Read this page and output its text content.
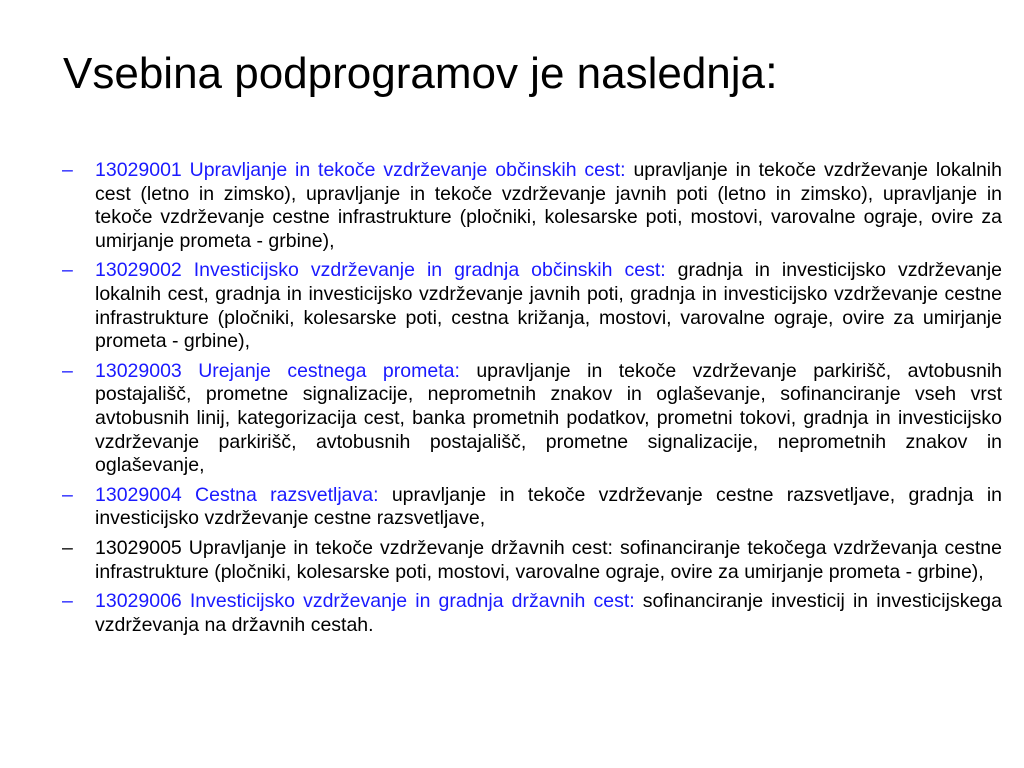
Vsebina podprogramov je naslednja:
– 13029001 Upravljanje in tekoče vzdrževanje občinskih cest: upravljanje in tekoče vzdrževanje lokalnih cest (letno in zimsko), upravljanje in tekoče vzdrževanje javnih poti (letno in zimsko), upravljanje in tekoče vzdrževanje cestne infrastrukture (pločniki, kolesarske poti, mostovi, varovalne ograje, ovire za umirjanje prometa - grbine),
– 13029002 Investicijsko vzdrževanje in gradnja občinskih cest: gradnja in investicijsko vzdrževanje lokalnih cest, gradnja in investicijsko vzdrževanje javnih poti, gradnja in investicijsko vzdrževanje cestne infrastrukture (pločniki, kolesarske poti, cestna križanja, mostovi, varovalne ograje, ovire za umirjanje prometa - grbine),
– 13029003 Urejanje cestnega prometa: upravljanje in tekoče vzdrževanje parkirišč, avtobusnih postajališč, prometne signalizacije, neprometnih znakov in oglaševanje, sofinanciranje vseh vrst avtobusnih linij, kategorizacija cest, banka prometnih podatkov, prometni tokovi, gradnja in investicijsko vzdrževanje parkirišč, avtobusnih postajališč, prometne signalizacije, neprometnih znakov in oglaševanje,
– 13029004 Cestna razsvetljava: upravljanje in tekoče vzdrževanje cestne razsvetljave, gradnja in investicijsko vzdrževanje cestne razsvetljave,
– 13029005 Upravljanje in tekoče vzdrževanje državnih cest: sofinanciranje tekočega vzdrževanja cestne infrastrukture (pločniki, kolesarske poti, mostovi, varovalne ograje, ovire za umirjanje prometa - grbine),
– 13029006 Investicijsko vzdrževanje in gradnja državnih cest: sofinanciranje investicij in investicijskega vzdrževanja na državnih cestah.
